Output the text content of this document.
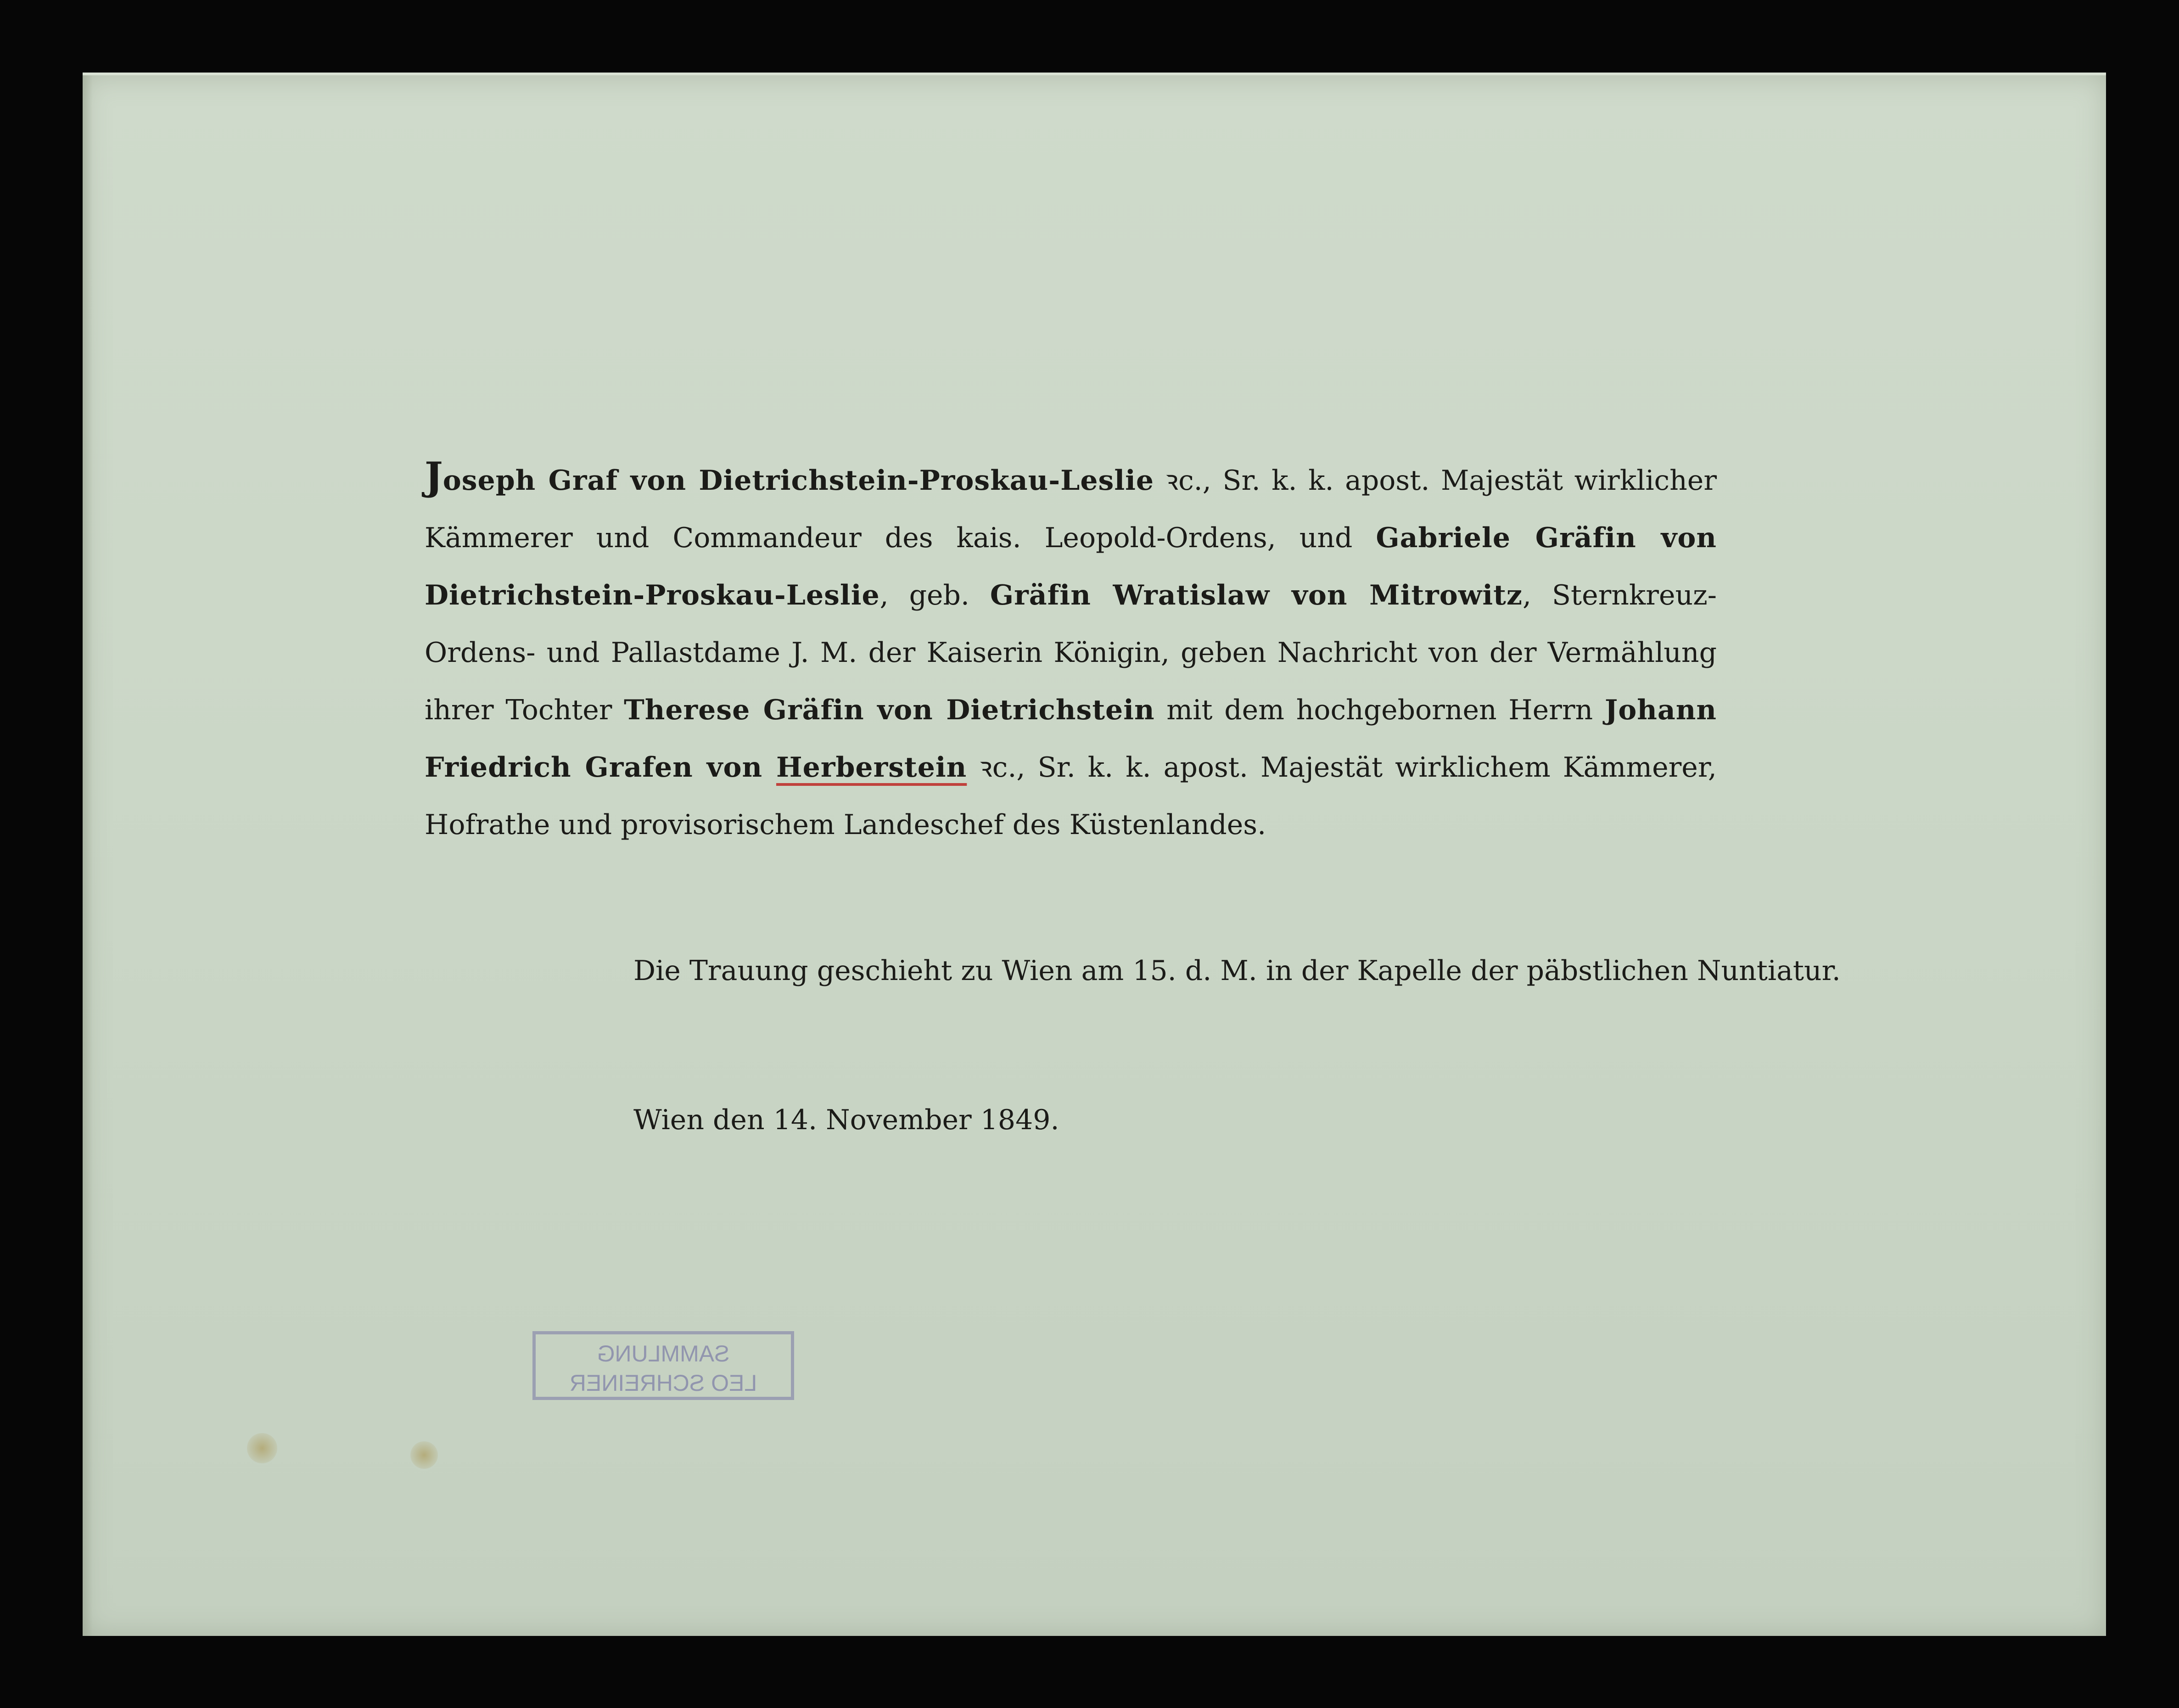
Joseph Graf von Dietrichstein-Proskau-Leslie ꝛc., Sr. k. k. apost. Majestät wirklicher Kämmerer und Commandeur des kais. Leopold-Ordens, und Gabriele Gräfin von Dietrichstein-Proskau-Leslie, geb. Gräfin Wratislaw von Mitrowitz, Sternkreuz-Ordens- und Pallastdame J. M. der Kaiserin Königin, geben Nachricht von der Vermählung ihrer Tochter Therese Gräfin von Dietrichstein mit dem hochgebornen Herrn Johann Friedrich Grafen von Herberstein ꝛc., Sr. k. k. apost. Majestät wirklichem Kämmerer, Hofrathe und provisorischem Landeschef des Küstenlandes.

Die Trauung geschieht zu Wien am 15. d. M. in der Kapelle der päbstlichen Nuntiatur.
Wien den 14. November 1849.
SAMMLUNG
LEO SCHREINER
